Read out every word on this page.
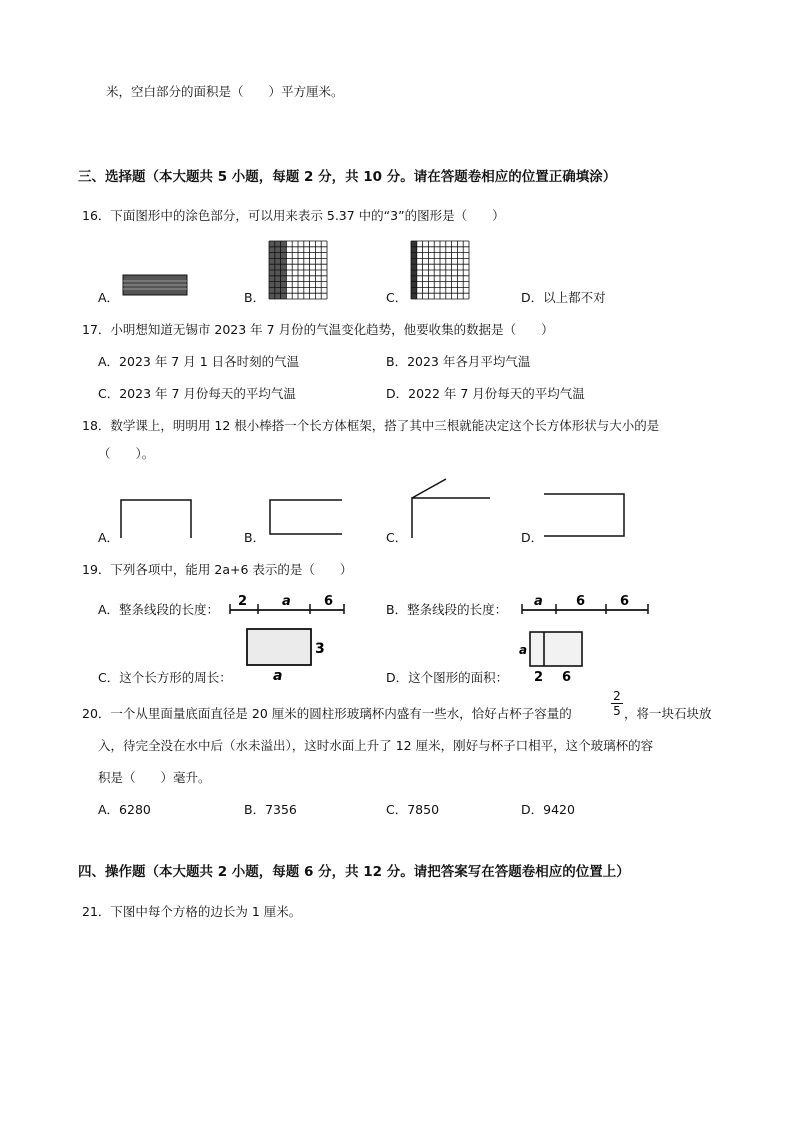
米，空白部分的面积是（　　）平方厘米。
三、选择题（本大题共 5 小题，每题 2 分，共 10 分。请在答题卷相应的位置正确填涂）
16．下面图形中的涂色部分，可以用来表示 5.37 中的“3”的图形是（　　）
A．	B．	C．	D．以上都不对
17．小明想知道无锡市 2023 年 7 月份的气温变化趋势，他要收集的数据是（　　）
A．2023 年 7 月 1 日各时刻的气温	B．2023 年各月平均气温
C．2023 年 7 月份每天的平均气温	D．2022 年 7 月份每天的平均气温
18．数学课上，明明用 12 根小棒搭一个长方体框架，搭了其中三根就能决定这个长方体形状与大小的是
（　　）。
A．	B．	C．	D．
19．下列各项中，能用 2a+6 表示的是（　　）
A．整条线段的长度：
2	a	6
B．整条线段的长度：
a	6	6
3
a
C．这个长方形的周长：
a
2 6
D．这个图形的面积：
20．一个从里面量底面直径是 20 厘米的圆柱形玻璃杯内盛有一些水，恰好占杯子容量的
2
5 ，将一块石块放
入，待完全没在水中后（水未溢出），这时水面上升了 12 厘米，刚好与杯子口相平，这个玻璃杯的容
积是（　　）毫升。
A．6280	B．7356	C．7850	D．9420
四、操作题（本大题共 2 小题，每题 6 分，共 12 分。请把答案写在答题卷相应的位置上）
21．下图中每个方格的边长为 1 厘米。
